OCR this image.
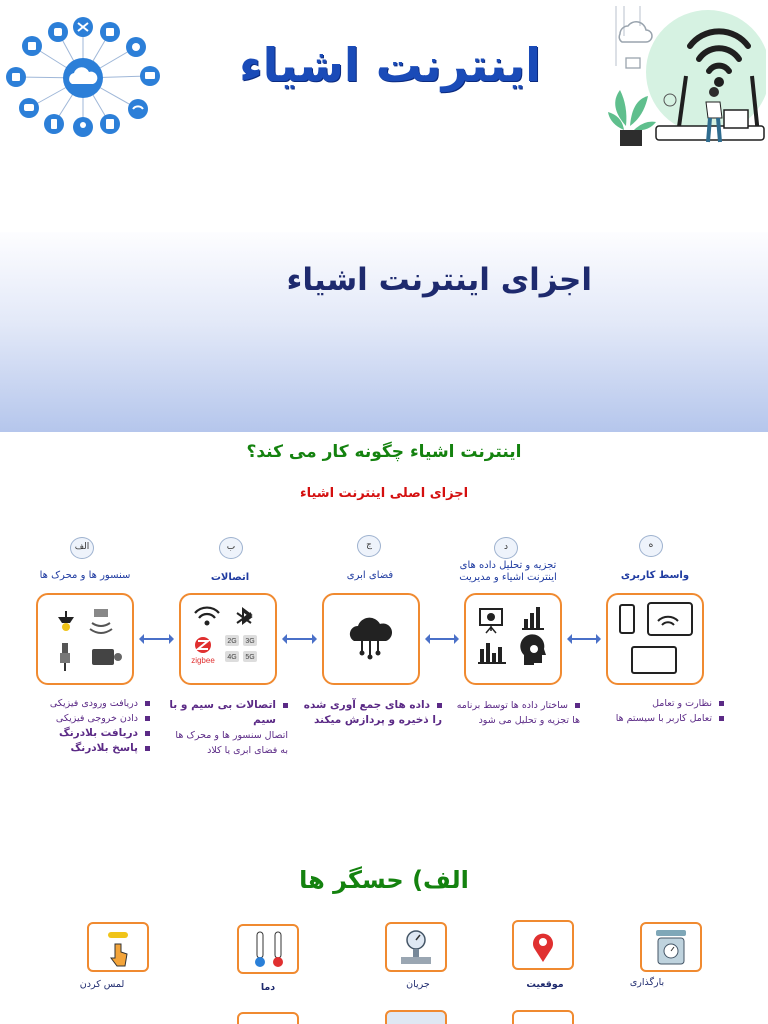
اینترنت اشیاء
اجزای اینترنت اشیاء
اینترنت اشیاء چگونه کار می کند؟
اجزای اصلی اینترنت اشیاء
الف	ب	ج	د	ه
سنسور ها و محرک ها	اتصالات	فضای ابری
تجزیه و تحلیل داده های
اینترنت اشیاء و مدیریت	واسط کاربری
zigbee
2G 3G
4G 5G
دریافت ورودی فیزیکی
دادن خروجی فیزیکی
دریافت بلادرنگ
پاسخ بلادرنگ
اتصالات بی سیم و با سیم
اتصال سنسور ها و محرک ها
به فضای ابری یا کلاد
داده های جمع آوری شده
را ذخیره و پردازش میکند
ساختار داده ها توسط برنامه
ها تجزیه و تحلیل می شود
نظارت و تعامل
تعامل کاربر با سیستم ها
الف) حسگر ها
لمس کردن	دما	جریان	موقعیت	بارگذاری
